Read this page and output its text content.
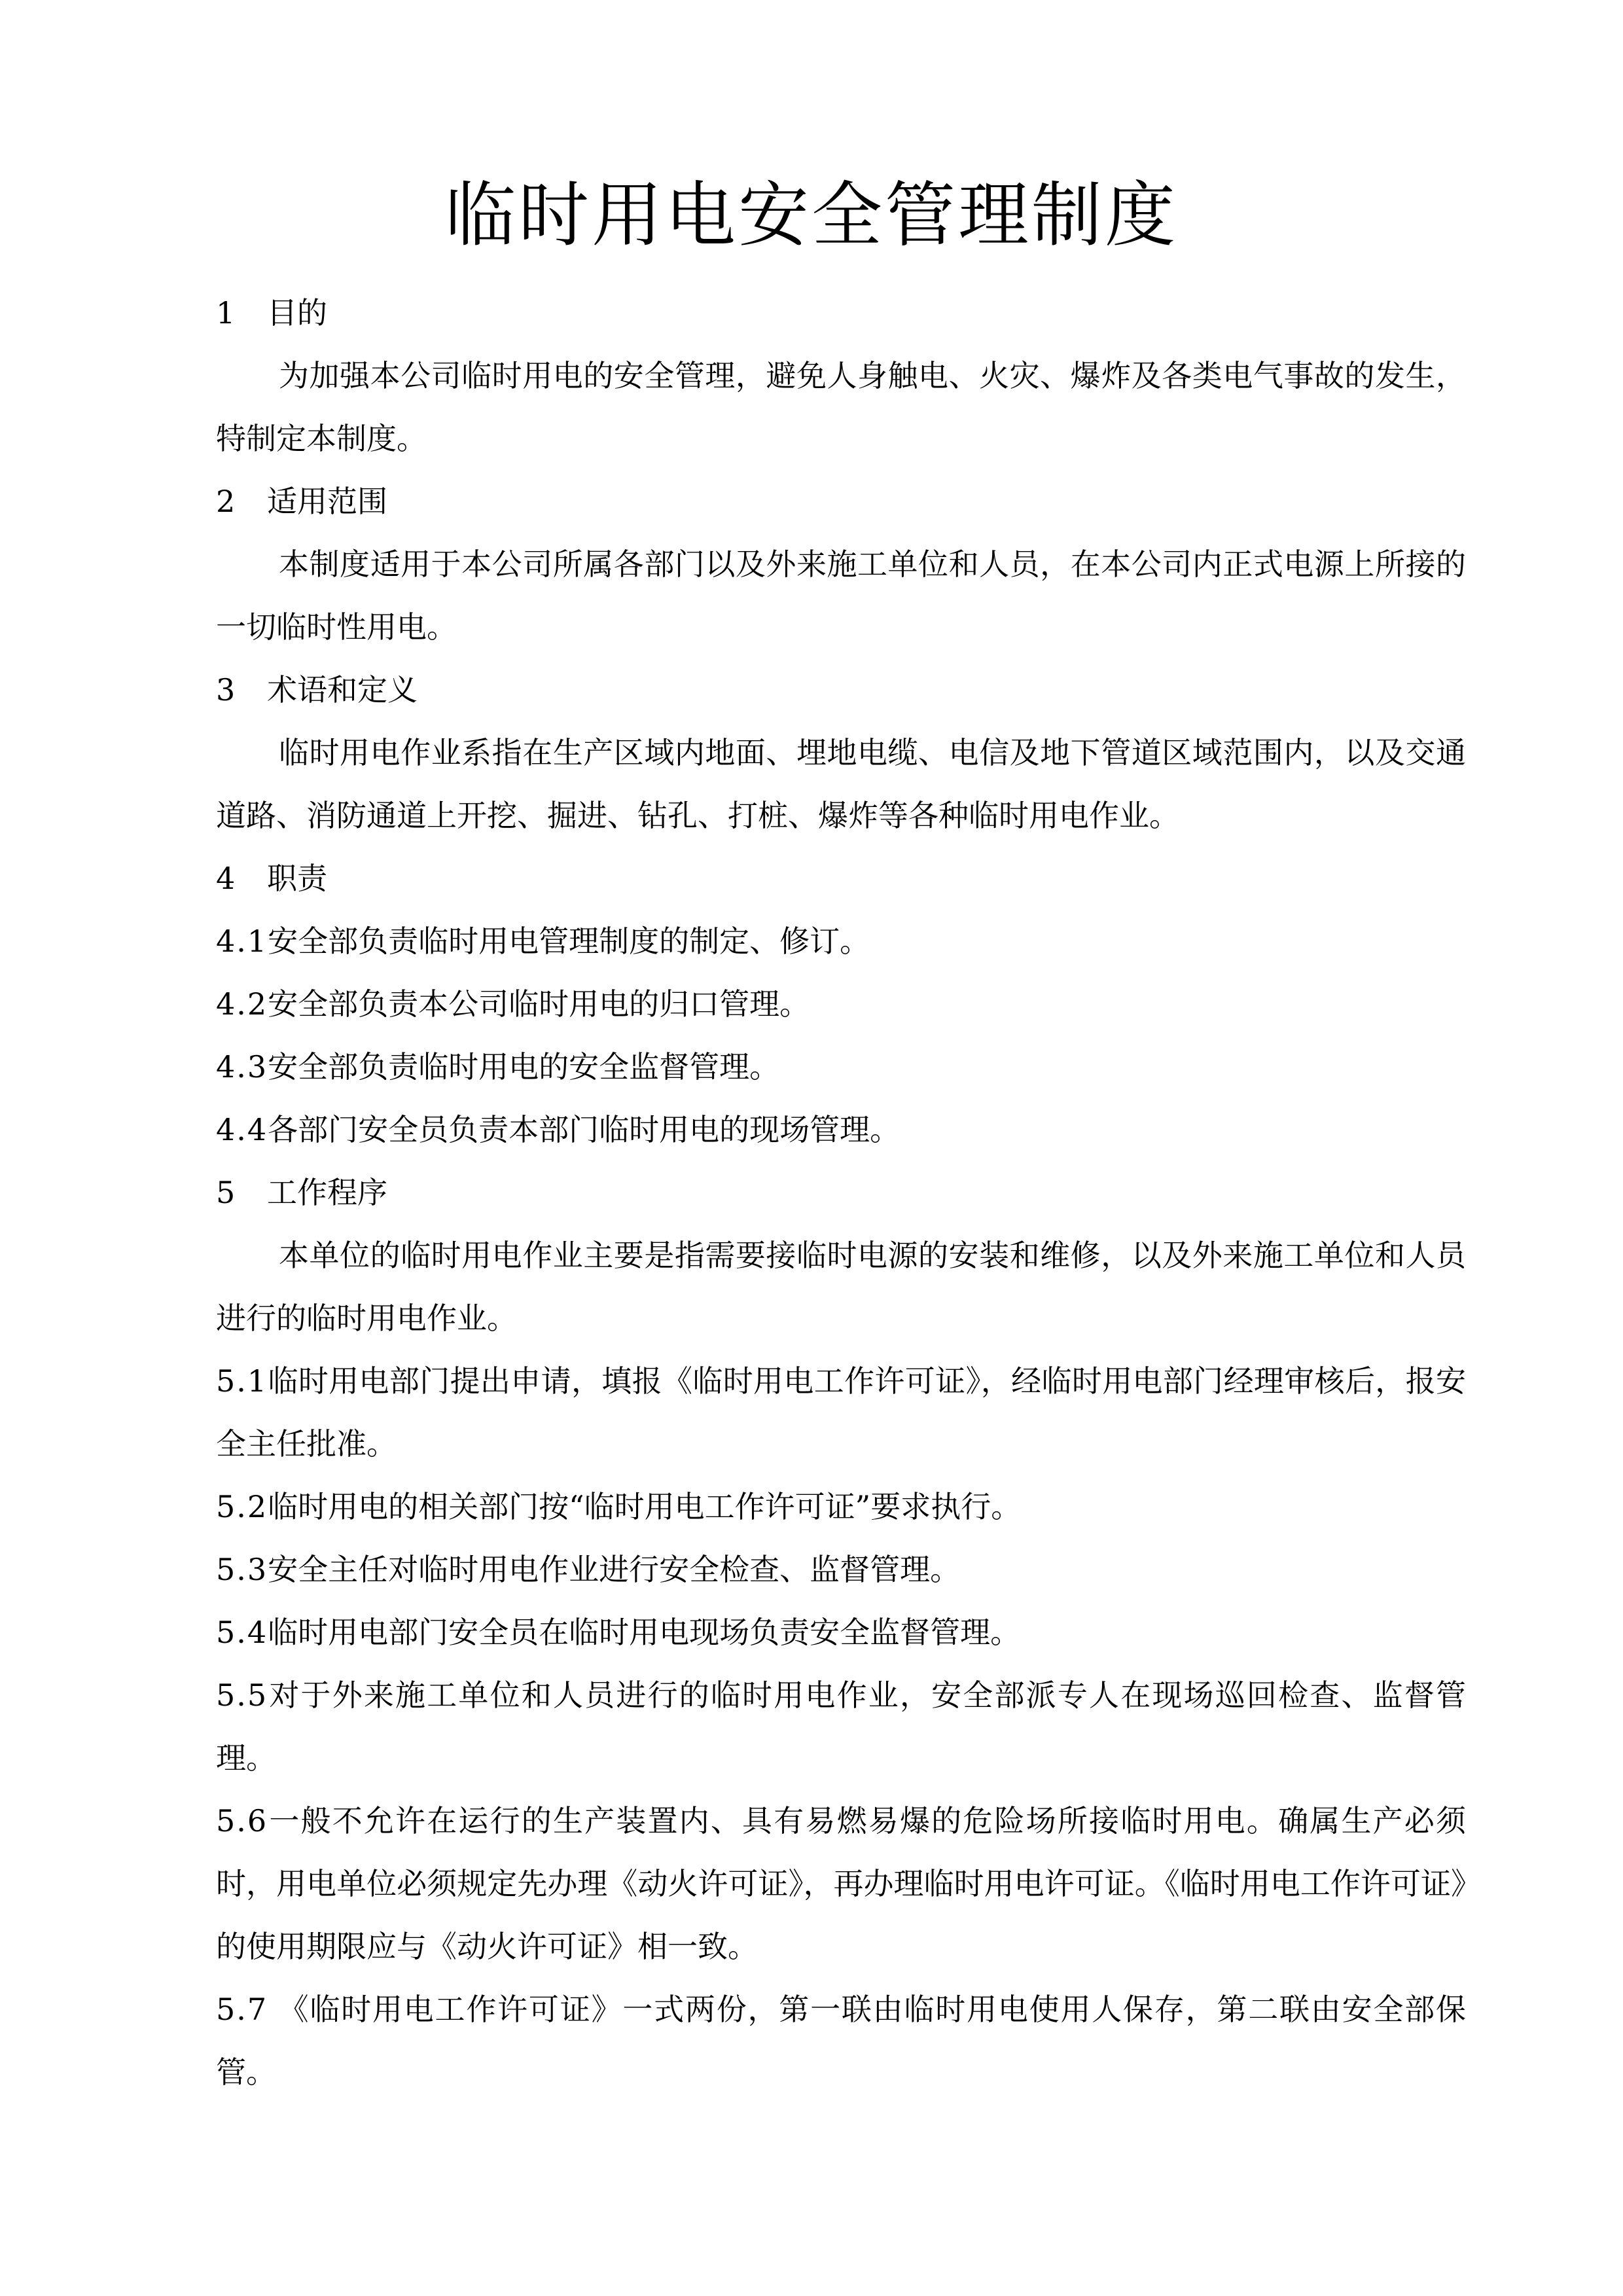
临时用电安全管理制度

1 目的

为加强本公司临时用电的安全管理，避免人身触电、火灾、爆炸及各类电气事故的发生，特制定本制度。

2 适用范围

本制度适用于本公司所属各部门以及外来施工单位和人员，在本公司内正式电源上所接的一切临时性用电。

3 术语和定义

临时用电作业系指在生产区域内地面、埋地电缆、电信及地下管道区域范围内，以及交通道路、消防通道上开挖、掘进、钻孔、打桩、爆炸等各种临时用电作业。

4 职责

4.1安全部负责临时用电管理制度的制定、修订。

4.2安全部负责本公司临时用电的归口管理。

4.3安全部负责临时用电的安全监督管理。

4.4各部门安全员负责本部门临时用电的现场管理。

5 工作程序

本单位的临时用电作业主要是指需要接临时电源的安装和维修，以及外来施工单位和人员进行的临时用电作业。

5.1临时用电部门提出申请，填报《临时用电工作许可证》，经临时用电部门经理审核后，报安全主任批准。

5.2临时用电的相关部门按“临时用电工作许可证”要求执行。

5.3安全主任对临时用电作业进行安全检查、监督管理。

5.4临时用电部门安全员在临时用电现场负责安全监督管理。

5.5对于外来施工单位和人员进行的临时用电作业，安全部派专人在现场巡回检查、监督管理。

5.6一般不允许在运行的生产装置内、具有易燃易爆的危险场所接临时用电。确属生产必须时，用电单位必须规定先办理《动火许可证》，再办理临时用电许可证。《临时用电工作许可证》的使用期限应与《动火许可证》相一致。

5.7 《临时用电工作许可证》一式两份，第一联由临时用电使用人保存，第二联由安全部保管。
